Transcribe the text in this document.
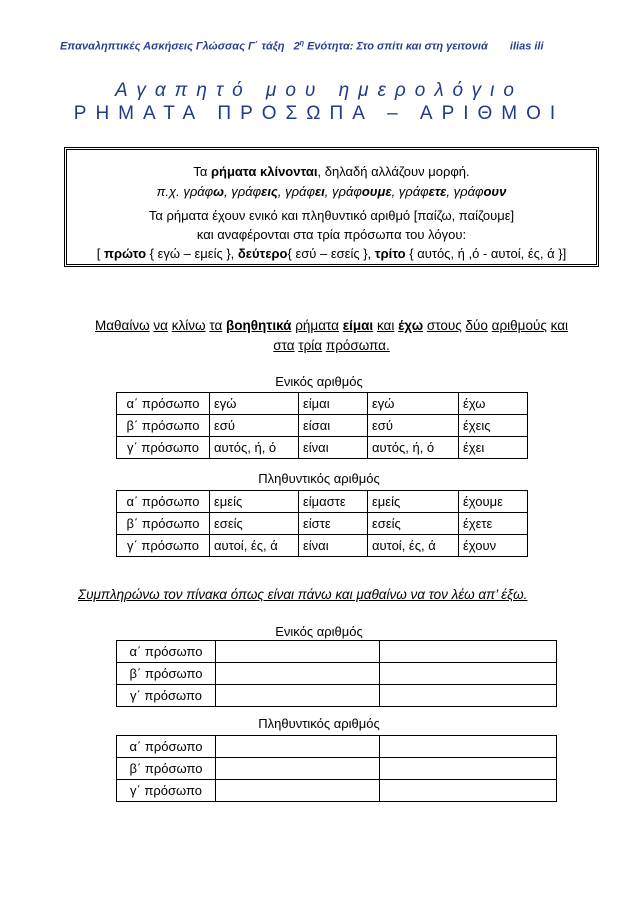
Επαναληπτικές Ασκήσεις Γλώσσας Γ΄ τάξη $2^\eta$ Ενότητα: Στο σπίτι και στη γειτονιά ilias ili
Αγαπητό μου ημερολόγιο
ΡΗΜΑΤΑ ΠΡΟΣΩΠΑ – ΑΡΙΘΜΟΙ
Τα ρήματα κλίνονται, δηλαδή αλλάζουν μορφή.
π.χ. γράφω, γράφεις, γράφει, γράφουμε, γράφετε, γράφουν
Τα ρήματα έχουν ενικό και πληθυντικό αριθμό [παίζω, παίζουμε]
και αναφέρονται στα τρία πρόσωπα του λόγου:
[ πρώτο { εγώ – εμείς }, δεύτερο{ εσύ – εσείς }, τρίτο { αυτός, ή ,ό - αυτοί, ές, ά }]
Μαθαίνω να κλίνω τα βοηθητικά ρήματα είμαι και έχω στους δύο αριθμούς και
στα τρία πρόσωπα.
Ενικός αριθμός
α΄ πρόσωπο	εγώ	είμαι	εγώ	έχω
β΄ πρόσωπο	εσύ	είσαι	εσύ	έχεις
γ΄ πρόσωπο	αυτός, ή, ό	είναι	αυτός, ή, ό	έχει
Πληθυντικός αριθμός
α΄ πρόσωπο	εμείς	είμαστε	εμείς	έχουμε
β΄ πρόσωπο	εσείς	είστε	εσείς	έχετε
γ΄ πρόσωπο	αυτοί, ές, ά	είναι	αυτοί, ές, ά	έχουν
Συμπληρώνω τον πίνακα όπως είναι πάνω και μαθαίνω να τον λέω απ’ έξω.
Ενικός αριθμός
α΄ πρόσωπο		
β΄ πρόσωπο		
γ΄ πρόσωπο		
Πληθυντικός αριθμός
α΄ πρόσωπο		
β΄ πρόσωπο		
γ΄ πρόσωπο		
